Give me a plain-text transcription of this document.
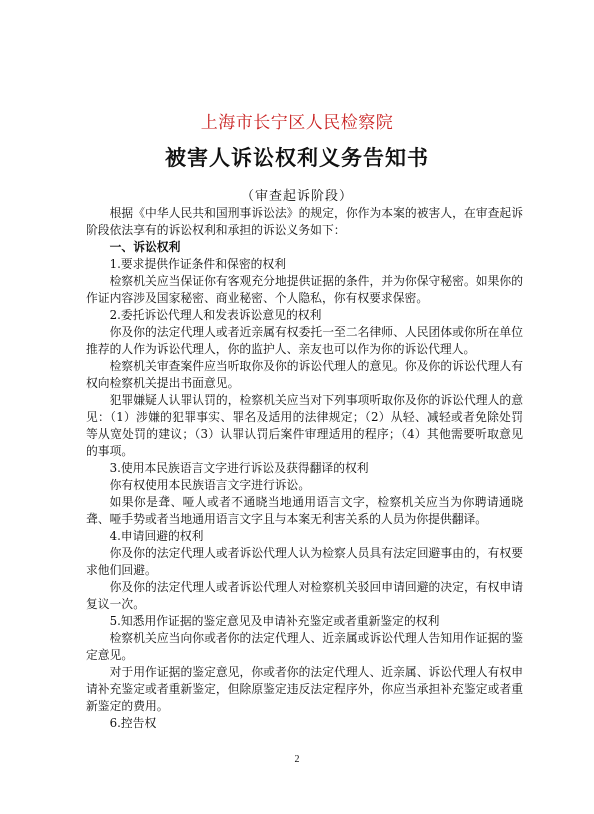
上海市长宁区人民检察院
被害人诉讼权利义务告知书
（审查起诉阶段）

根据《中华人民共和国刑事诉讼法》的规定，你作为本案的被害人，在审查起诉阶段依法享有的诉讼权利和承担的诉讼义务如下：

一、诉讼权利

1.要求提供作证条件和保密的权利

检察机关应当保证你有客观充分地提供证据的条件，并为你保守秘密。如果你的作证内容涉及国家秘密、商业秘密、个人隐私，你有权要求保密。

2.委托诉讼代理人和发表诉讼意见的权利

你及你的法定代理人或者近亲属有权委托一至二名律师、人民团体或你所在单位推荐的人作为诉讼代理人，你的监护人、亲友也可以作为你的诉讼代理人。

检察机关审查案件应当听取你及你的诉讼代理人的意见。你及你的诉讼代理人有权向检察机关提出书面意见。

犯罪嫌疑人认罪认罚的，检察机关应当对下列事项听取你及你的诉讼代理人的意见：（1）涉嫌的犯罪事实、罪名及适用的法律规定；（2）从轻、减轻或者免除处罚等从宽处罚的建议；（3）认罪认罚后案件审理适用的程序；（4）其他需要听取意见的事项。

3.使用本民族语言文字进行诉讼及获得翻译的权利

你有权使用本民族语言文字进行诉讼。

如果你是聋、哑人或者不通晓当地通用语言文字，检察机关应当为你聘请通晓聋、哑手势或者当地通用语言文字且与本案无利害关系的人员为你提供翻译。

4.申请回避的权利

你及你的法定代理人或者诉讼代理人认为检察人员具有法定回避事由的，有权要求他们回避。

你及你的法定代理人或者诉讼代理人对检察机关驳回申请回避的决定，有权申请复议一次。

5.知悉用作证据的鉴定意见及申请补充鉴定或者重新鉴定的权利

检察机关应当向你或者你的法定代理人、近亲属或诉讼代理人告知用作证据的鉴定意见。

对于用作证据的鉴定意见，你或者你的法定代理人、近亲属、诉讼代理人有权申请补充鉴定或者重新鉴定，但除原鉴定违反法定程序外，你应当承担补充鉴定或者重新鉴定的费用。

6.控告权

2
